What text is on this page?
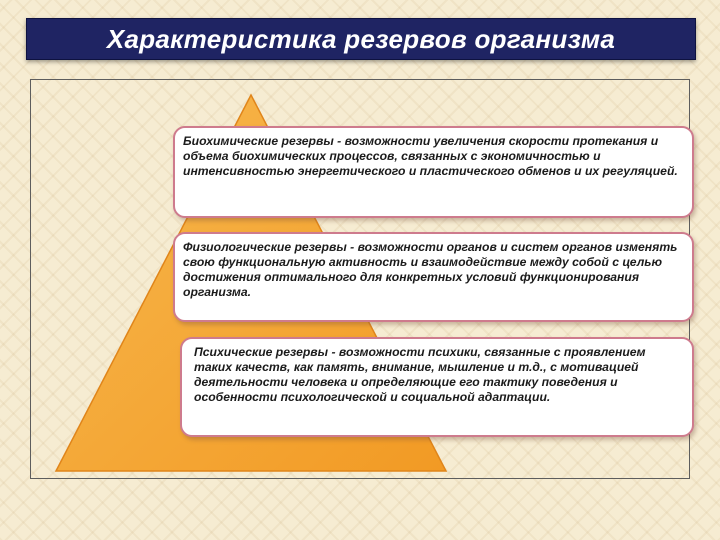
Характеристика резервов организма
Биохимические резервы - возможности увеличения скорости протекания и объема биохимических процессов, связанных с экономичностью и интенсивностью энергетического и пластического обменов и их регуляцией.
Физиологические резервы - возможности органов и систем органов изменять свою функциональную активность и взаимодействие между собой с целью достижения оптимального для конкретных условий функционирования организма.
Психические резервы - возможности психики, связанные с проявлением таких качеств, как память, внимание, мышление и т.д., с мотивацией деятельности человека и определяющие его тактику поведения и особенности психологической и социальной адаптации.
